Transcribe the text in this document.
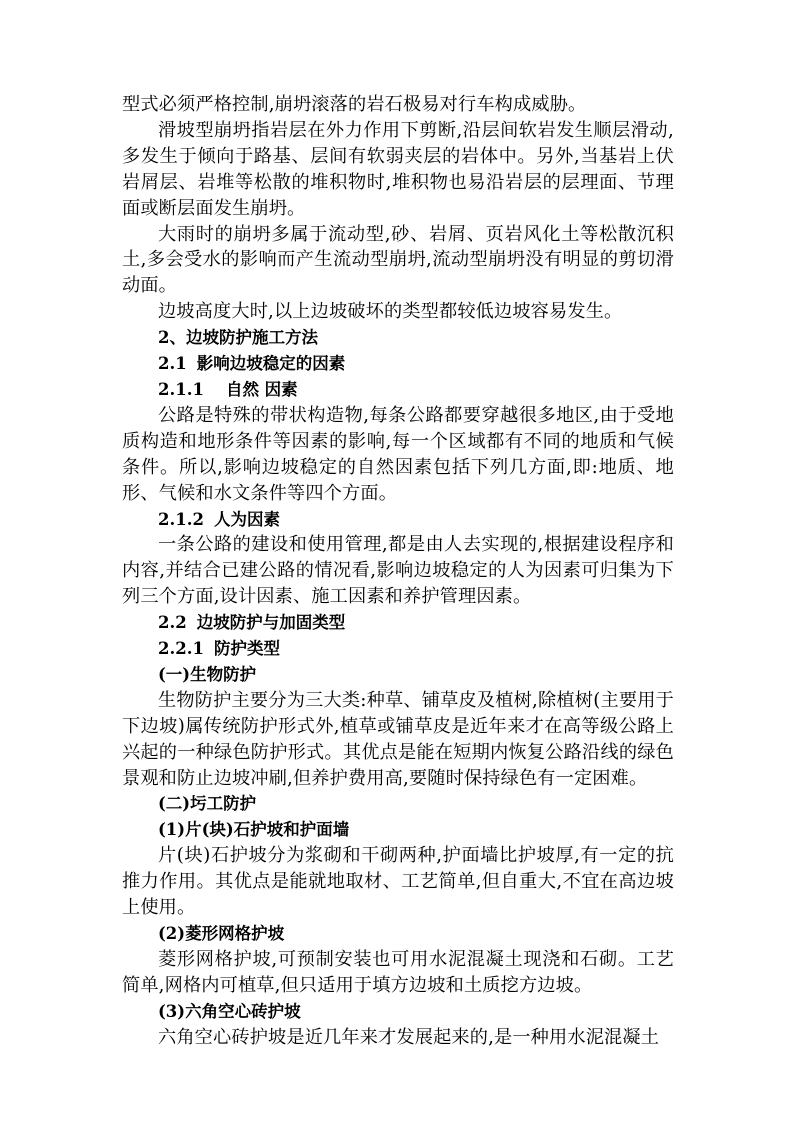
型式必须严格控制,崩坍滚落的岩石极易对行车构成威胁。

滑坡型崩坍指岩层在外力作用下剪断,沿层间软岩发生顺层滑动,多发生于倾向于路基、层间有软弱夹层的岩体中。另外,当基岩上伏岩屑层、岩堆等松散的堆积物时,堆积物也易沿岩层的层理面、节理面或断层面发生崩坍。

大雨时的崩坍多属于流动型,砂、岩屑、页岩风化土等松散沉积土,多会受水的影响而产生流动型崩坍,流动型崩坍没有明显的剪切滑动面。

边坡高度大时,以上边坡破坏的类型都较低边坡容易发生。

2、边坡防护施工方法

2.1 影响边坡稳定的因素

2.1.1 自然 因素

公路是特殊的带状构造物,每条公路都要穿越很多地区,由于受地质构造和地形条件等因素的影响,每一个区域都有不同的地质和气候条件。所以,影响边坡稳定的自然因素包括下列几方面,即:地质、地形、气候和水文条件等四个方面。

2.1.2 人为因素

一条公路的建设和使用管理,都是由人去实现的,根据建设程序和内容,并结合已建公路的情况看,影响边坡稳定的人为因素可归集为下列三个方面,设计因素、施工因素和养护管理因素。

2.2 边坡防护与加固类型

2.2.1 防护类型

(一)生物防护

生物防护主要分为三大类:种草、铺草皮及植树,除植树(主要用于下边坡)属传统防护形式外,植草或铺草皮是近年来才在高等级公路上兴起的一种绿色防护形式。其优点是能在短期内恢复公路沿线的绿色景观和防止边坡冲刷,但养护费用高,要随时保持绿色有一定困难。

(二)圬工防护

(1)片(块)石护坡和护面墙

片(块)石护坡分为浆砌和干砌两种,护面墙比护坡厚,有一定的抗推力作用。其优点是能就地取材、工艺简单,但自重大,不宜在高边坡上使用。

(2)菱形网格护坡

菱形网格护坡,可预制安装也可用水泥混凝土现浇和石砌。工艺简单,网格内可植草,但只适用于填方边坡和土质挖方边坡。

(3)六角空心砖护坡

六角空心砖护坡是近几年来才发展起来的,是一种用水泥混凝土
